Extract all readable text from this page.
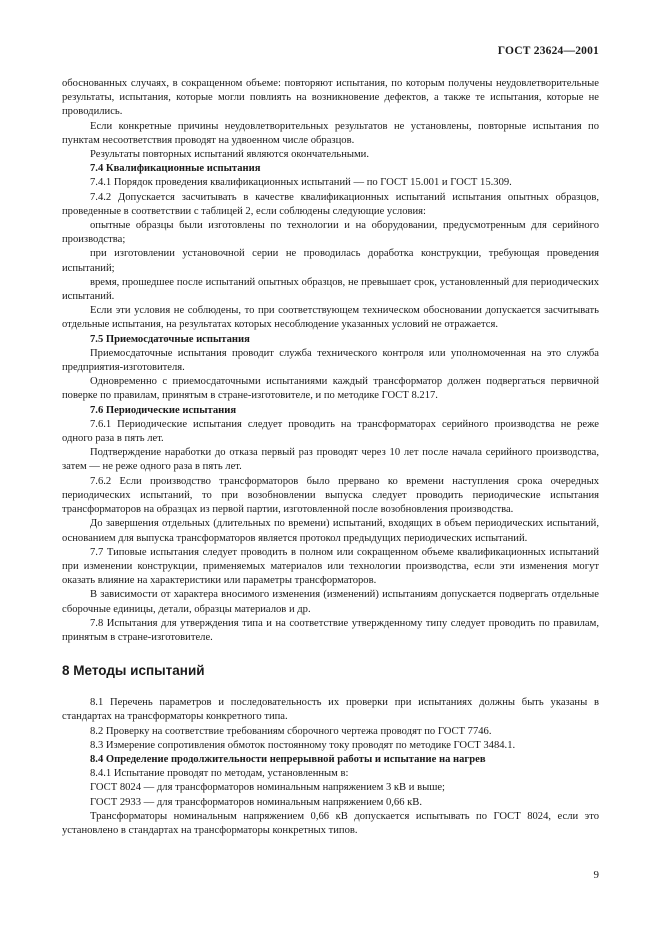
ГОСТ 23624—2001
обоснованных случаях, в сокращенном объеме: повторяют испытания, по которым получены неудовлетворительные результаты, испытания, которые могли повлиять на возникновение дефектов, а также те испытания, которые не проводились.
Если конкретные причины неудовлетворительных результатов не установлены, повторные испытания по пунктам несоответствия проводят на удвоенном числе образцов.
Результаты повторных испытаний являются окончательными.
7.4 Квалификационные испытания
7.4.1 Порядок проведения квалификационных испытаний — по ГОСТ 15.001 и ГОСТ 15.309.
7.4.2 Допускается засчитывать в качестве квалификационных испытаний испытания опытных образцов, проведенные в соответствии с таблицей 2, если соблюдены следующие условия:
опытные образцы были изготовлены по технологии и на оборудовании, предусмотренным для серийного производства;
при изготовлении установочной серии не проводилась доработка конструкции, требующая проведения испытаний;
время, прошедшее после испытаний опытных образцов, не превышает срок, установленный для периодических испытаний.
Если эти условия не соблюдены, то при соответствующем техническом обосновании допускается засчитывать отдельные испытания, на результатах которых несоблюдение указанных условий не отражается.
7.5 Приемосдаточные испытания
Приемосдаточные испытания проводит служба технического контроля или уполномоченная на это служба предприятия-изготовителя.
Одновременно с приемосдаточными испытаниями каждый трансформатор должен подвергаться первичной поверке по правилам, принятым в стране-изготовителе, и по методике ГОСТ 8.217.
7.6 Периодические испытания
7.6.1 Периодические испытания следует проводить на трансформаторах серийного производства не реже одного раза в пять лет.
Подтверждение наработки до отказа первый раз проводят через 10 лет после начала серийного производства, затем — не реже одного раза в пять лет.
7.6.2 Если производство трансформаторов было прервано ко времени наступления срока очередных периодических испытаний, то при возобновлении выпуска следует проводить периодические испытания трансформаторов на образцах из первой партии, изготовленной после возобновления производства.
До завершения отдельных (длительных по времени) испытаний, входящих в объем периодических испытаний, основанием для выпуска трансформаторов является протокол предыдущих периодических испытаний.
7.7 Типовые испытания следует проводить в полном или сокращенном объеме квалификационных испытаний при изменении конструкции, применяемых материалов или технологии производства, если эти изменения могут оказать влияние на характеристики или параметры трансформаторов.
В зависимости от характера вносимого изменения (изменений) испытаниям допускается подвергать отдельные сборочные единицы, детали, образцы материалов и др.
7.8 Испытания для утверждения типа и на соответствие утвержденному типу следует проводить по правилам, принятым в стране-изготовителе.
8 Методы испытаний
8.1 Перечень параметров и последовательность их проверки при испытаниях должны быть указаны в стандартах на трансформаторы конкретного типа.
8.2 Проверку на соответствие требованиям сборочного чертежа проводят по ГОСТ 7746.
8.3 Измерение сопротивления обмоток постоянному току проводят по методике ГОСТ 3484.1.
8.4 Определение продолжительности непрерывной работы и испытание на нагрев
8.4.1 Испытание проводят по методам, установленным в:
ГОСТ 8024 — для трансформаторов номинальным напряжением 3 кВ и выше;
ГОСТ 2933 — для трансформаторов номинальным напряжением 0,66 кВ.
Трансформаторы номинальным напряжением 0,66 кВ допускается испытывать по ГОСТ 8024, если это установлено в стандартах на трансформаторы конкретных типов.
9
